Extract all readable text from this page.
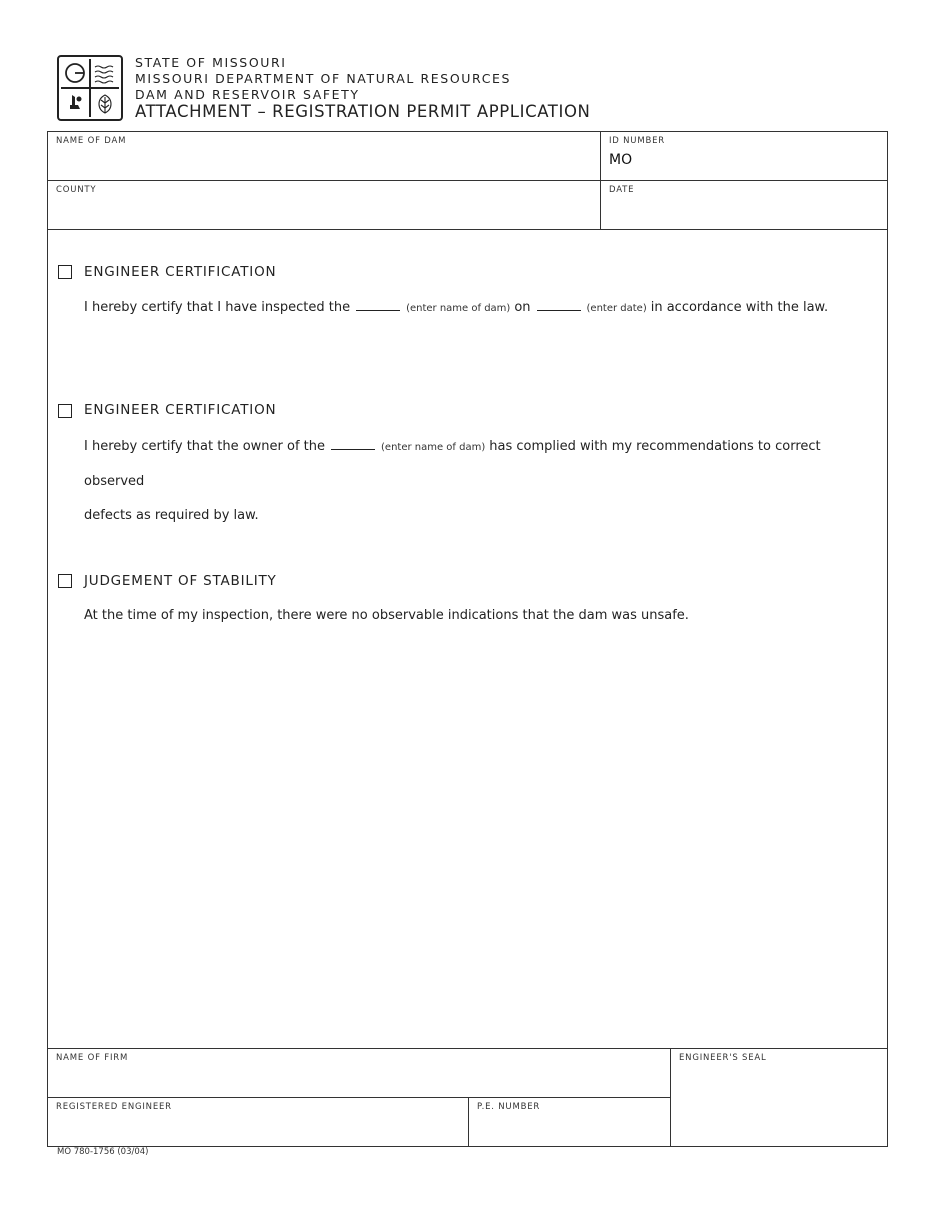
STATE OF MISSOURI
MISSOURI DEPARTMENT OF NATURAL RESOURCES
DAM AND RESERVOIR SAFETY
ATTACHMENT – REGISTRATION PERMIT APPLICATION
NAME OF DAM	ID NUMBER
MO
COUNTY	DATE
ENGINEER CERTIFICATION
I hereby certify that I have inspected the	(enter name of dam) on	(enter date) in accordance with the law.
ENGINEER CERTIFICATION
I hereby certify that the owner of the	(enter name of dam) has complied with my recommendations to correct observed
defects as required by law.
JUDGEMENT OF STABILITY
At the time of my inspection, there were no observable indications that the dam was unsafe.
NAME OF FIRM	ENGINEER'S SEAL
REGISTERED ENGINEER	P.E. NUMBER
MO 780-1756 (03/04)
